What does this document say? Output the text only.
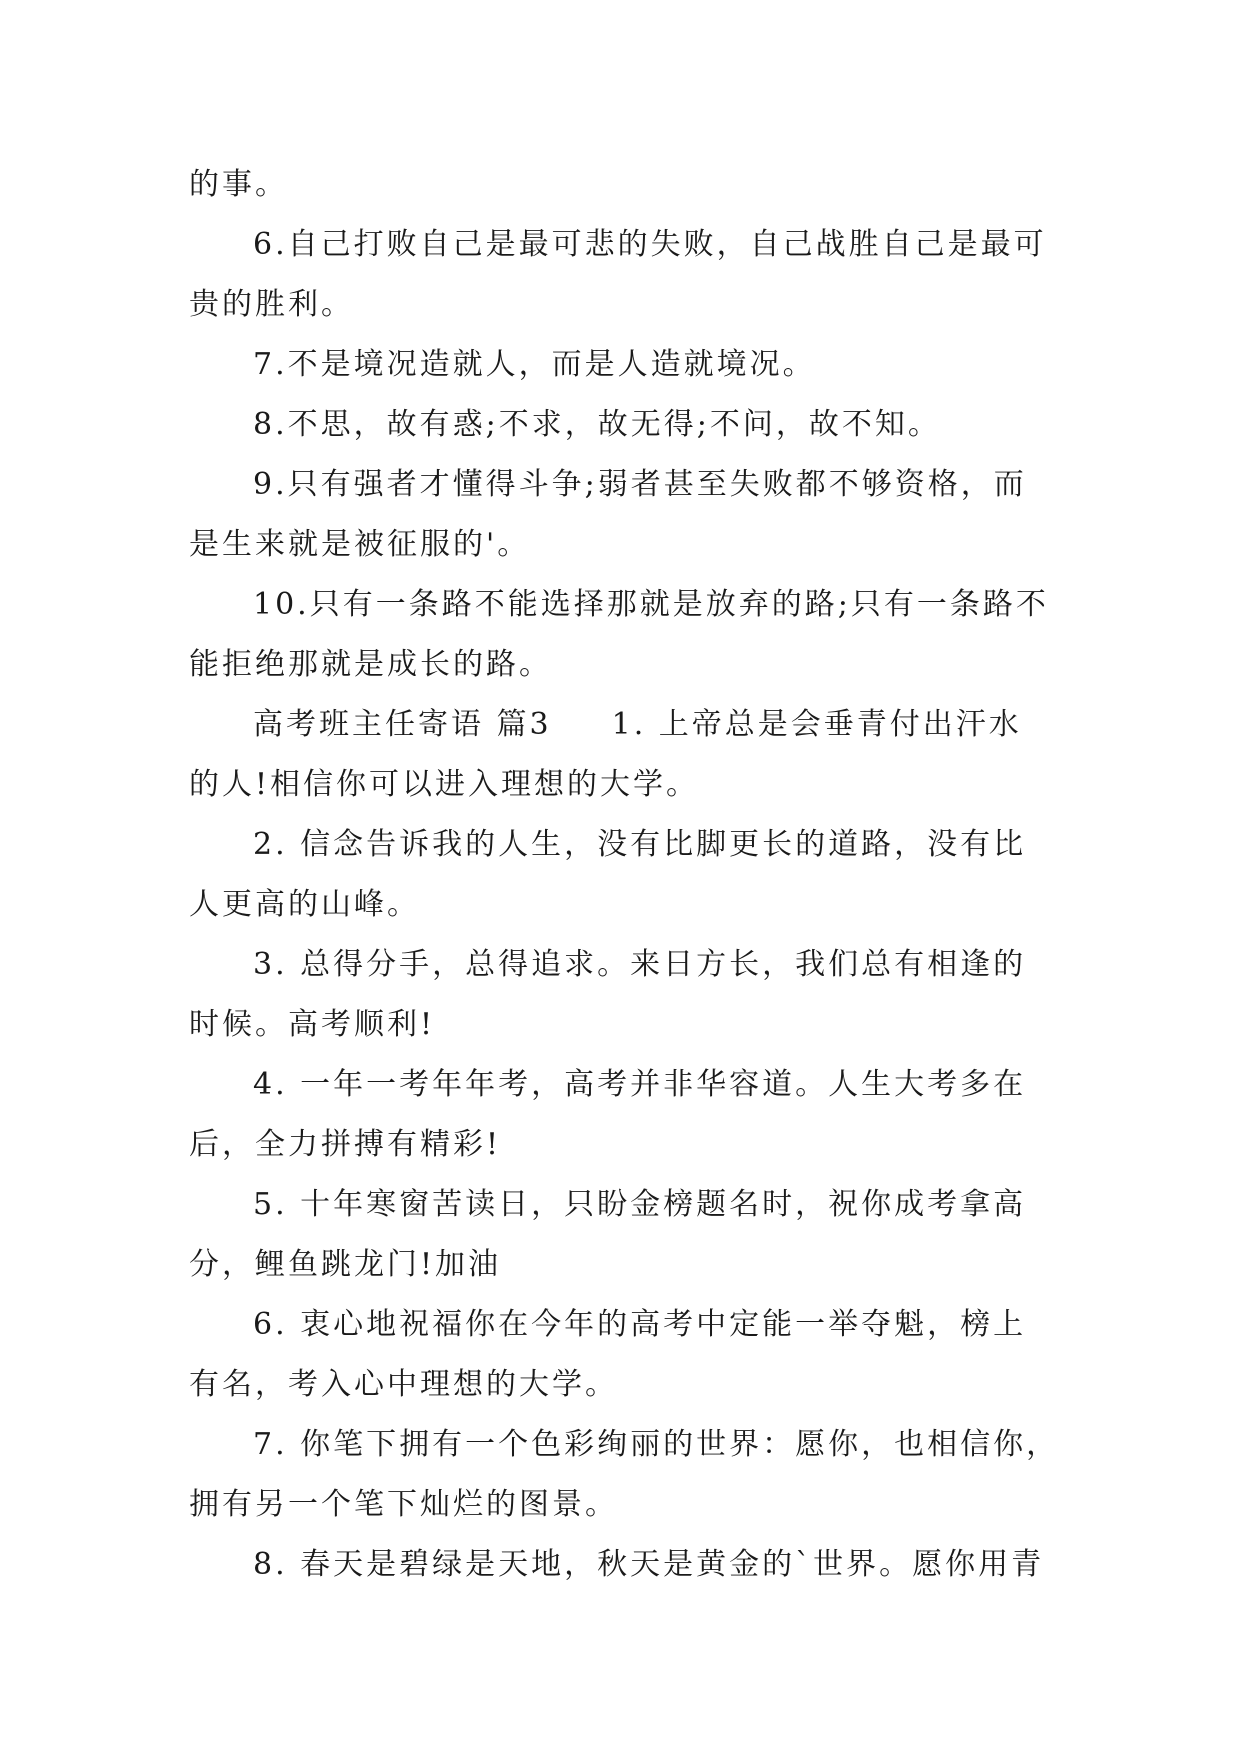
的事。
6.自己打败自己是最可悲的失败，自己战胜自己是最可
贵的胜利。
7.不是境况造就人，而是人造就境况。
8.不思，故有惑;不求，故无得;不问，故不知。
9.只有强者才懂得斗争;弱者甚至失败都不够资格，而
是生来就是被征服的'。
10.只有一条路不能选择那就是放弃的路;只有一条路不
能拒绝那就是成长的路。
高考班主任寄语 篇3 1. 上帝总是会垂青付出汗水
的人!相信你可以进入理想的大学。
2. 信念告诉我的人生，没有比脚更长的道路，没有比
人更高的山峰。
3. 总得分手，总得追求。来日方长，我们总有相逢的
时候。高考顺利!
4. 一年一考年年考，高考并非华容道。人生大考多在
后，全力拼搏有精彩!
5. 十年寒窗苦读日，只盼金榜题名时，祝你成考拿高
分，鲤鱼跳龙门!加油
6. 衷心地祝福你在今年的高考中定能一举夺魁，榜上
有名，考入心中理想的大学。
7. 你笔下拥有一个色彩绚丽的世界：愿你，也相信你，
拥有另一个笔下灿烂的图景。
8. 春天是碧绿是天地，秋天是黄金的`世界。愿你用青
